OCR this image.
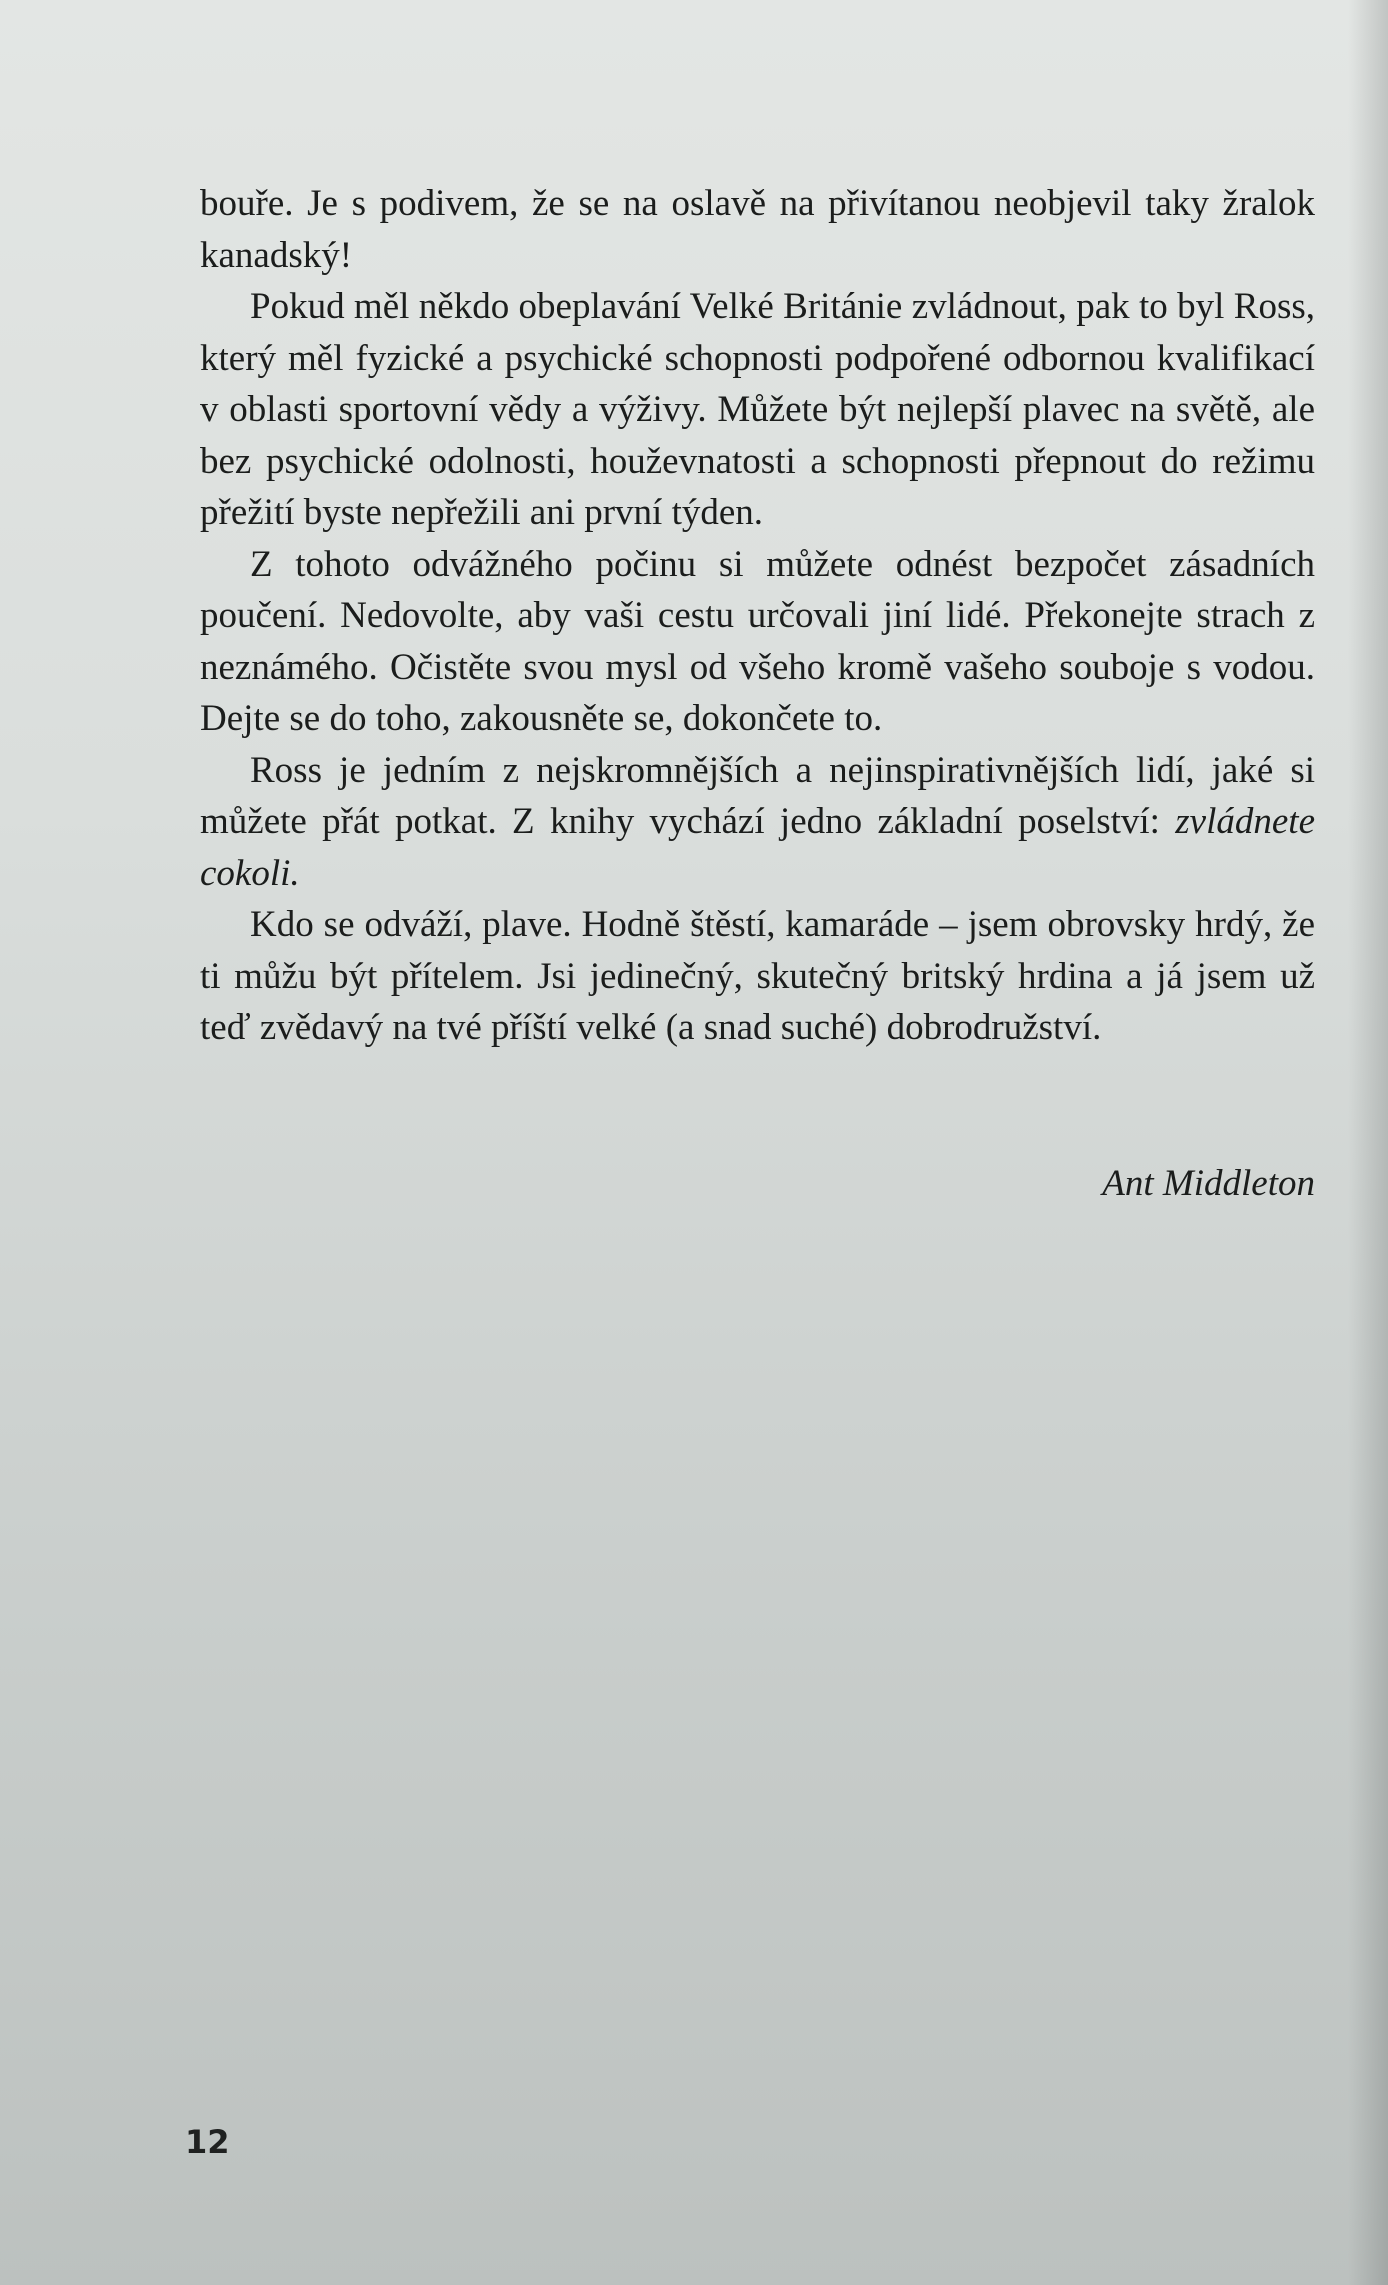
bouře. Je s podivem, že se na oslavě na přivítanou neobjevil taky žralok kanadský!

Pokud měl někdo obeplavání Velké Británie zvládnout, pak to byl Ross, který měl fyzické a psychické schopnosti podpořené odbornou kvalifikací v oblasti sportovní vědy a výživy. Můžete být nejlepší plavec na světě, ale bez psychické odolnosti, houževnatosti a schopnosti přepnout do režimu přežití byste nepřežili ani první týden.

Z tohoto odvážného počinu si můžete odnést bezpočet zásadních poučení. Nedovolte, aby vaši cestu určovali jiní lidé. Překonejte strach z neznámého. Očistěte svou mysl od všeho kromě vašeho souboje s vodou. Dejte se do toho, zakousněte se, dokončete to.

Ross je jedním z nejskromnějších a nejinspirativnějších lidí, jaké si můžete přát potkat. Z knihy vychází jedno základní poselství: zvládnete cokoli.

Kdo se odváží, plave. Hodně štěstí, kamaráde – jsem obrovsky hrdý, že ti můžu být přítelem. Jsi jedinečný, skutečný britský hrdina a já jsem už teď zvědavý na tvé příští velké (a snad suché) dobrodružství.

Ant Middleton
12
